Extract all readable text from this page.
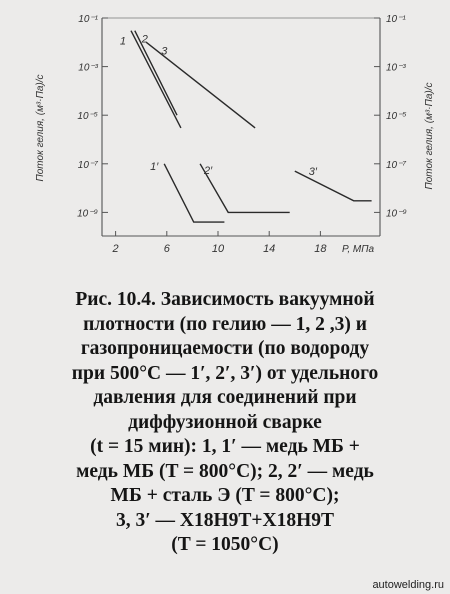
10⁻¹
10⁻³
10⁻⁵
10⁻⁷
10⁻⁹
10⁻¹
10⁻³
10⁻⁵
10⁻⁷
10⁻⁹
2	6	10	14	18
1 2
3
1′	2′	3′
Поток гелия, (м³·Па)/с	Поток гелия, (м³·Па)/с
P, МПа
Рис. 10.4. Зависимость вакуумной
плотности (по гелию — 1, 2 ,3) и
газопроницаемости (по водороду
при 500°C — 1′, 2′, 3′) от удельного
давления для соединений при
диффузионной сварке
(t = 15 мин): 1, 1′ — медь МБ +
медь МБ (T = 800°C); 2, 2′ — медь
МБ + сталь Э (T = 800°C);
3, 3′ — Х18Н9Т+Х18Н9Т
(T = 1050°C)
autowelding.ru
